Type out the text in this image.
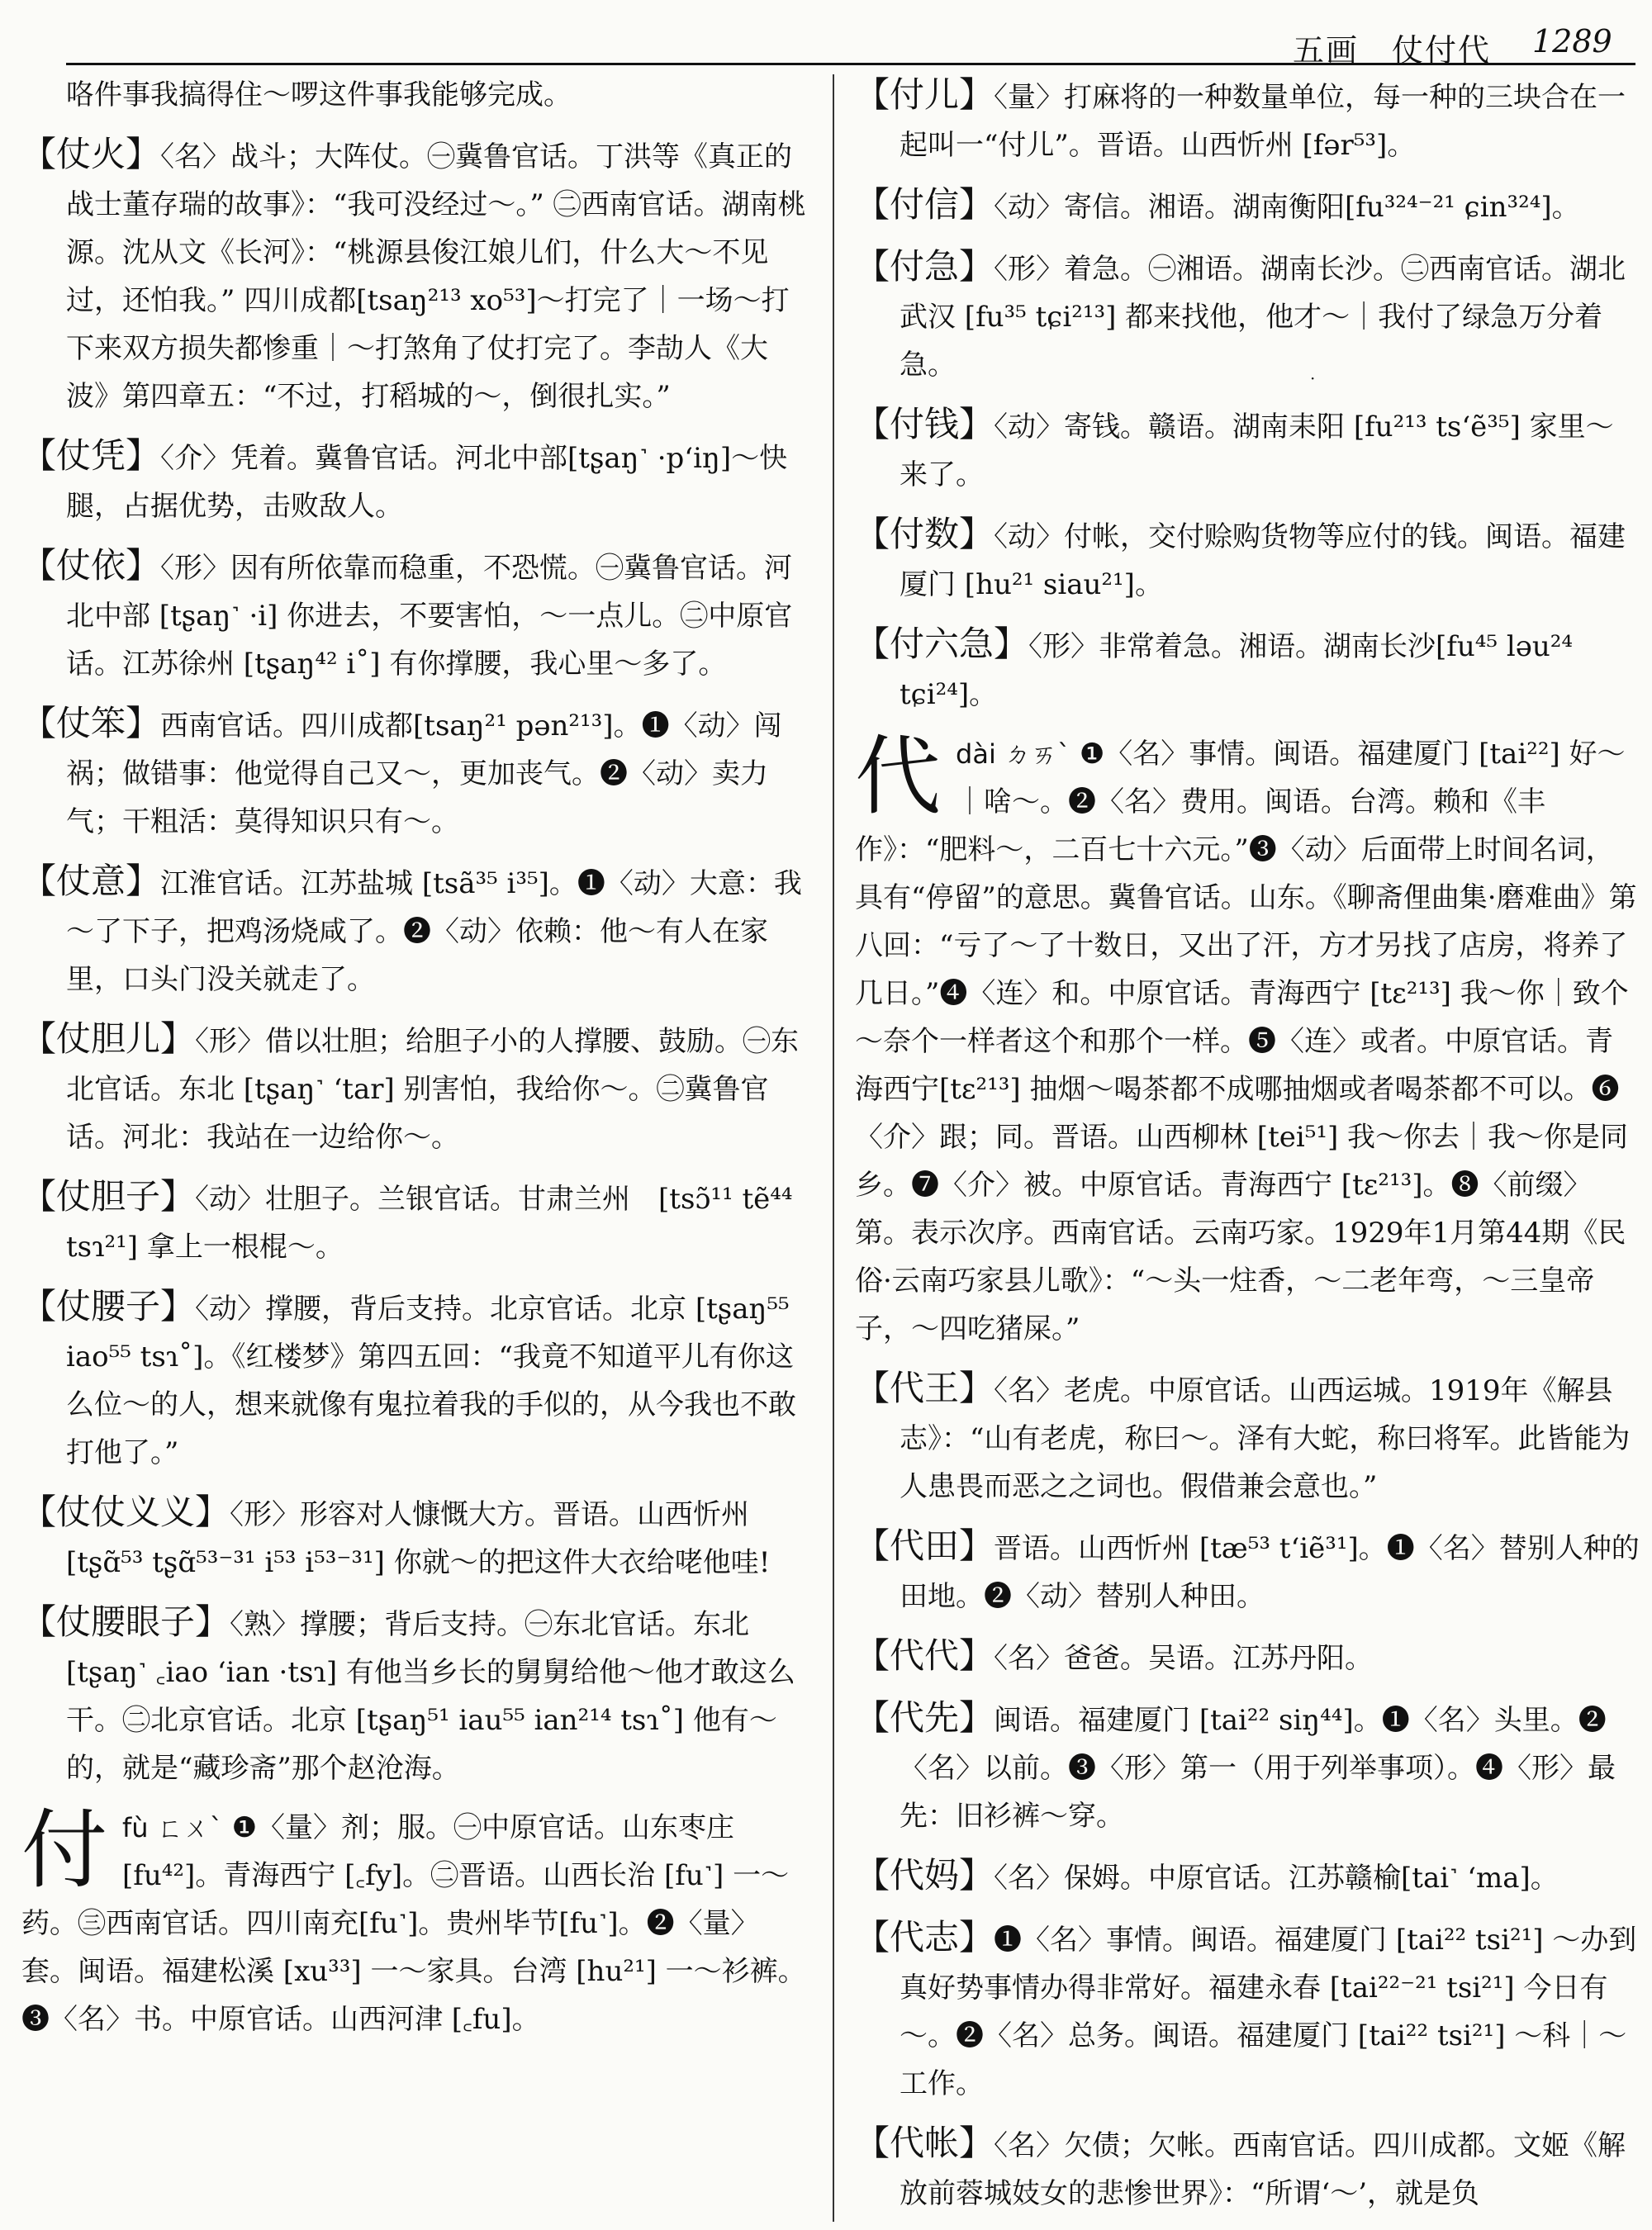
五画　仗付代 1289
·
咯件事我搞得住～啰这件事我能够完成。
【仗火】〈名〉战斗；大阵仗。㊀冀鲁官话。丁洪等《真正的战士董存瑞的故事》：“我可没经过～。” ㊁西南官话。湖南桃源。沈从文《长河》：“桃源县俊江娘儿们，什么大～不见过，还怕我。” 四川成都[tsaŋ²¹³ xo⁵³]～打完了｜一场～打下来双方损失都惨重｜～打煞角了仗打完了。李劼人《大波》第四章五：“不过，打稻城的～，倒很扎实。”
【仗凭】〈介〉凭着。冀鲁官话。河北中部[tʂaŋ˺ ·pʻiŋ]～快腿，占据优势，击败敌人。
【仗依】〈形〉因有所依靠而稳重，不恐慌。㊀冀鲁官话。河北中部 [tʂaŋ˺ ·i] 你进去，不要害怕，～一点儿。㊁中原官话。江苏徐州 [tʂaŋ⁴² i˚] 有你撑腰，我心里～多了。
【仗笨】西南官话。四川成都[tsaŋ²¹ pən²¹³]。❶〈动〉闯祸；做错事：他觉得自己又～，更加丧气。❷〈动〉卖力气；干粗活：莫得知识只有～。
【仗意】江淮官话。江苏盐城 [tsã³⁵ i³⁵]。❶〈动〉大意：我～了下子，把鸡汤烧咸了。❷〈动〉依赖：他～有人在家里，口头门没关就走了。
【仗胆儿】〈形〉借以壮胆；给胆子小的人撑腰、鼓励。㊀东北官话。东北 [tʂaŋ˺ ʻtar] 别害怕，我给你～。㊁冀鲁官话。河北：我站在一边给你～。
【仗胆子】〈动〉壮胆子。兰银官话。甘肃兰州　[tsɔ̃¹¹ tẽ⁴⁴ tsɿ²¹] 拿上一根棍～。
【仗腰子】〈动〉撑腰，背后支持。北京官话。北京 [tʂaŋ⁵⁵ iao⁵⁵ tsɿ˚]。《红楼梦》第四五回：“我竟不知道平儿有你这么位～的人，想来就像有鬼拉着我的手似的，从今我也不敢打他了。”
【仗仗义义】〈形〉形容对人慷慨大方。晋语。山西忻州 [tʂɑ̃⁵³ tʂɑ̃⁵³⁻³¹ i⁵³ i⁵³⁻³¹] 你就～的把这件大衣给咾他哇!
【仗腰眼子】〈熟〉撑腰；背后支持。㊀东北官话。东北 [tʂaŋ˺ ꜀iao ʻian ·tsɿ] 有他当乡长的舅舅给他～他才敢这么干。㊁北京官话。北京 [tʂaŋ⁵¹ iau⁵⁵ ian²¹⁴ tsɿ˚] 他有～的，就是“藏珍斋”那个赵沧海。
付 fù ㄈㄨˋ ❶〈量〉剂；服。㊀中原官话。山东枣庄 [fu⁴²]。青海西宁 [꜀fy]。㊁晋语。山西长治 [fu˺] 一～药。㊂西南官话。四川南充[fu˺]。贵州毕节[fu˺]。❷〈量〉套。闽语。福建松溪 [xu³³] 一～家具。台湾 [hu²¹] 一～衫裤。❸〈名〉书。中原官话。山西河津 [꜀fu]。
【付儿】〈量〉打麻将的一种数量单位，每一种的三块合在一起叫一“付儿”。晋语。山西忻州 [fər⁵³]。
【付信】〈动〉寄信。湘语。湖南衡阳[fu³²⁴⁻²¹ ɕin³²⁴]。
【付急】〈形〉着急。㊀湘语。湖南长沙。㊁西南官话。湖北武汉 [fu³⁵ tɕi²¹³] 都来找他，他才～｜我付了绿急万分着急。
【付钱】〈动〉寄钱。赣语。湖南耒阳 [fu²¹³ tsʻẽ³⁵] 家里～来了。
【付数】〈动〉付帐，交付赊购货物等应付的钱。闽语。福建厦门 [hu²¹ siau²¹]。
【付六急】〈形〉非常着急。湘语。湖南长沙[fu⁴⁵ ləu²⁴ tɕi²⁴]。
代 dài ㄉㄞˋ ❶〈名〉事情。闽语。福建厦门 [tai²²] 好～｜啥～。❷〈名〉费用。闽语。台湾。赖和《丰作》：“肥料～，二百七十六元。”❸〈动〉后面带上时间名词，具有“停留”的意思。冀鲁官话。山东。《聊斋俚曲集·磨难曲》第八回：“亏了～了十数日，又出了汗，方才另找了店房，将养了几日。”❹〈连〉和。中原官话。青海西宁 [tɛ²¹³] 我～你｜致个～奈个一样者这个和那个一样。❺〈连〉或者。中原官话。青海西宁[tɛ²¹³] 抽烟～喝茶都不成哪抽烟或者喝茶都不可以。❻〈介〉跟；同。晋语。山西柳林 [tei⁵¹] 我～你去｜我～你是同乡。❼〈介〉被。中原官话。青海西宁 [tɛ²¹³]。❽〈前缀〉第。表示次序。西南官话。云南巧家。1929年1月第44期《民俗·云南巧家县儿歌》：“～头一炷香，～二老年弯，～三皇帝子，～四吃猪屎。”
【代王】〈名〉老虎。中原官话。山西运城。1919年《解县志》：“山有老虎，称曰～。泽有大蛇，称曰将军。此皆能为人患畏而恶之之词也。假借兼会意也。”
【代田】晋语。山西忻州 [tæ⁵³ tʻiẽ³¹]。❶〈名〉替别人种的田地。❷〈动〉替别人种田。
【代代】〈名〉爸爸。吴语。江苏丹阳。
【代先】闽语。福建厦门 [tai²² siŋ⁴⁴]。❶〈名〉头里。❷〈名〉以前。❸〈形〉第一（用于列举事项）。❹〈形〉最先：旧衫裤～穿。
【代妈】〈名〉保姆。中原官话。江苏赣榆[tai˺ ʻma]。
【代志】❶〈名〉事情。闽语。福建厦门 [tai²² tsi²¹] ～办到真好势事情办得非常好。福建永春 [tai²²⁻²¹ tsi²¹] 今日有～。❷〈名〉总务。闽语。福建厦门 [tai²² tsi²¹] ～科｜～工作。
【代帐】〈名〉欠债；欠帐。西南官话。四川成都。文姬《解放前蓉城妓女的悲惨世界》：“所谓‘～’，就是负
